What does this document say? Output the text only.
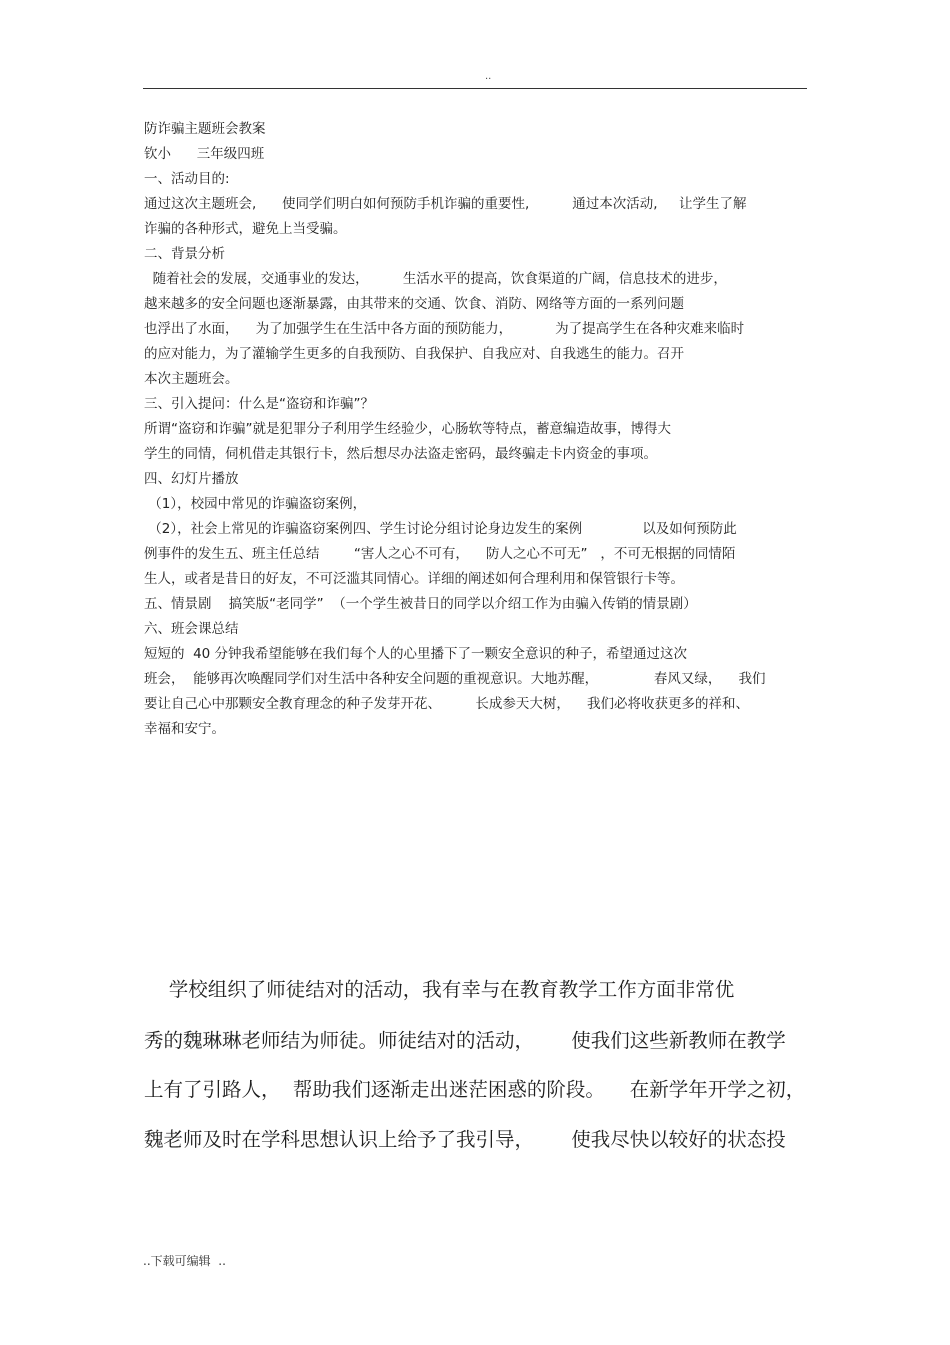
..
防诈骗主题班会教案
钦小      三年级四班
一、活动目的:
通过这次主题班会,      使同学们明白如何预防手机诈骗的重要性,          通过本次活动,     让学生了解
诈骗的各种形式，避免上当受骗。
二、背景分析
随着社会的发展，交通事业的发达，        生活水平的提高，饮食渠道的广阔，信息技术的进步，
越来越多的安全问题也逐渐暴露，由其带来的交通、饮食、消防、网络等方面的一系列问题
也浮出了水面，    为了加强学生在生活中各方面的预防能力，          为了提高学生在各种灾难来临时
的应对能力，为了灌输学生更多的自我预防、自我保护、自我应对、自我逃生的能力。召开
本次主题班会。
三、引入提问：什么是“盗窃和诈骗”？
所谓“盗窃和诈骗”就是犯罪分子利用学生经验少，心肠软等特点，蓄意编造故事，博得大
学生的同情，伺机借走其银行卡，然后想尽办法盗走密码，最终骗走卡内资金的事项。
四、幻灯片播放
（1），校园中常见的诈骗盗窃案例，
（2），社会上常见的诈骗盗窃案例四、学生讨论分组讨论身边发生的案例              以及如何预防此
例事件的发生五、班主任总结        “害人之心不可有，    防人之心不可无”   ，不可无根据的同情陌
生人，或者是昔日的好友，不可泛滥其同情心。详细的阐述如何合理利用和保管银行卡等。
五、情景剧    搞笑版“老同学”  （一个学生被昔日的同学以介绍工作为由骗入传销的情景剧）
六、班会课总结
短短的  40 分钟我希望能够在我们每个人的心里播下了一颗安全意识的种子，希望通过这次
班会，  能够再次唤醒同学们对生活中各种安全问题的重视意识。大地苏醒，             春风又绿，    我们
要让自己心中那颗安全教育理念的种子发芽开花、        长成参天大树，    我们必将收获更多的祥和、
幸福和安宁。
学校组织了师徒结对的活动，我有幸与在教育教学工作方面非常优
秀的魏琳琳老师结为师徒。师徒结对的活动，      使我们这些新教师在教学
上有了引路人，  帮助我们逐渐走出迷茫困惑的阶段。    在新学年开学之初，
魏老师及时在学科思想认识上给予了我引导，      使我尽快以较好的状态投
..下载可编辑  ..
